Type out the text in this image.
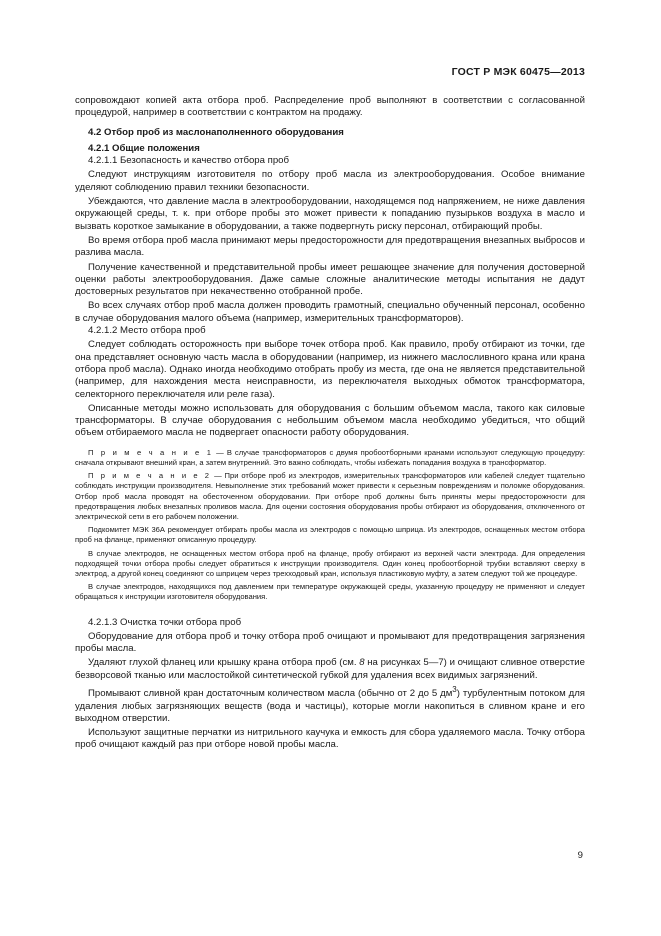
ГОСТ Р МЭК 60475—2013

сопровождают копией акта отбора проб. Распределение проб выполняют в соответствии с согласованной процедурой, например в соответствии с контрактом на продажу.

4.2 Отбор проб из маслонаполненного оборудования

4.2.1 Общие положения

4.2.1.1 Безопасность и качество отбора проб

Следуют инструкциям изготовителя по отбору проб масла из электрооборудования. Особое внимание уделяют соблюдению правил техники безопасности.

Убеждаются, что давление масла в электрооборудовании, находящемся под напряжением, не ниже давления окружающей среды, т. к. при отборе пробы это может привести к попаданию пузырьков воздуха в масло и вызвать короткое замыкание в оборудовании, а также подвергнуть риску персонал, отбирающий пробы.

Во время отбора проб масла принимают меры предосторожности для предотвращения внезапных выбросов и разлива масла.

Получение качественной и представительной пробы имеет решающее значение для получения достоверной оценки работы электрооборудования. Даже самые сложные аналитические методы испытания не дадут достоверных результатов при некачественно отобранной пробе.

Во всех случаях отбор проб масла должен проводить грамотный, специально обученный персонал, особенно в случае оборудования малого объема (например, измерительных трансформаторов).

4.2.1.2 Место отбора проб

Следует соблюдать осторожность при выборе точек отбора проб. Как правило, пробу отбирают из точки, где она представляет основную часть масла в оборудовании (например, из нижнего маслосливного крана или крана отбора проб масла). Однако иногда необходимо отобрать пробу из места, где она не является представительной (например, для нахождения места неисправности, из переключателя выходных обмоток трансформатора, селекторного переключателя или реле газа).

Описанные методы можно использовать для оборудования с большим объемом масла, такого как силовые трансформаторы. В случае оборудования с небольшим объемом масла необходимо убедиться, что общий объем отбираемого масла не подвергает опасности работу оборудования.

П р и м е ч а н и е 1 — В случае трансформаторов с двумя пробоотборными кранами используют следующую процедуру: сначала открывают внешний кран, а затем внутренний. Это важно соблюдать, чтобы избежать попадания воздуха в трансформатор.

П р и м е ч а н и е 2 — При отборе проб из электродов, измерительных трансформаторов или кабелей следует тщательно соблюдать инструкции производителя. Невыполнение этих требований может привести к серьезным повреждениям и поломке оборудования. Отбор проб масла проводят на обесточенном оборудовании. При отборе проб должны быть приняты меры предосторожности для предотвращения любых внезапных проливов масла. Для оценки состояния оборудования пробы отбирают из оборудования, отключенного от электрической сети в его рабочем положении.

Подкомитет МЭК 36А рекомендует отбирать пробы масла из электродов с помощью шприца. Из электродов, оснащенных местом отбора проб на фланце, применяют описанную процедуру.

В случае электродов, не оснащенных местом отбора проб на фланце, пробу отбирают из верхней части электрода. Для определения подходящей точки отбора пробы следует обратиться к инструкции производителя. Один конец пробоотборной трубки вставляют сверху в электрод, а другой конец соединяют со шприцем через трехходовый кран, используя пластиковую муфту, а затем следуют той же процедуре.

В случае электродов, находящихся под давлением при температуре окружающей среды, указанную процедуру не применяют и следует обращаться к инструкции изготовителя оборудования.

4.2.1.3 Очистка точки отбора проб

Оборудование для отбора проб и точку отбора проб очищают и промывают для предотвращения загрязнения пробы масла.

Удаляют глухой фланец или крышку крана отбора проб (см. 8 на рисунках 5—7) и очищают сливное отверстие безворсовой тканью или маслостойкой синтетической губкой для удаления всех видимых загрязнений.

Промывают сливной кран достаточным количеством масла (обычно от 2 до 5 $дм^3$) турбулентным потоком для удаления любых загрязняющих веществ (вода и частицы), которые могли накопиться в сливном кране и его выходном отверстии.

Используют защитные перчатки из нитрильного каучука и емкость для сбора удаляемого масла. Точку отбора проб очищают каждый раз при отборе новой пробы масла.

9
